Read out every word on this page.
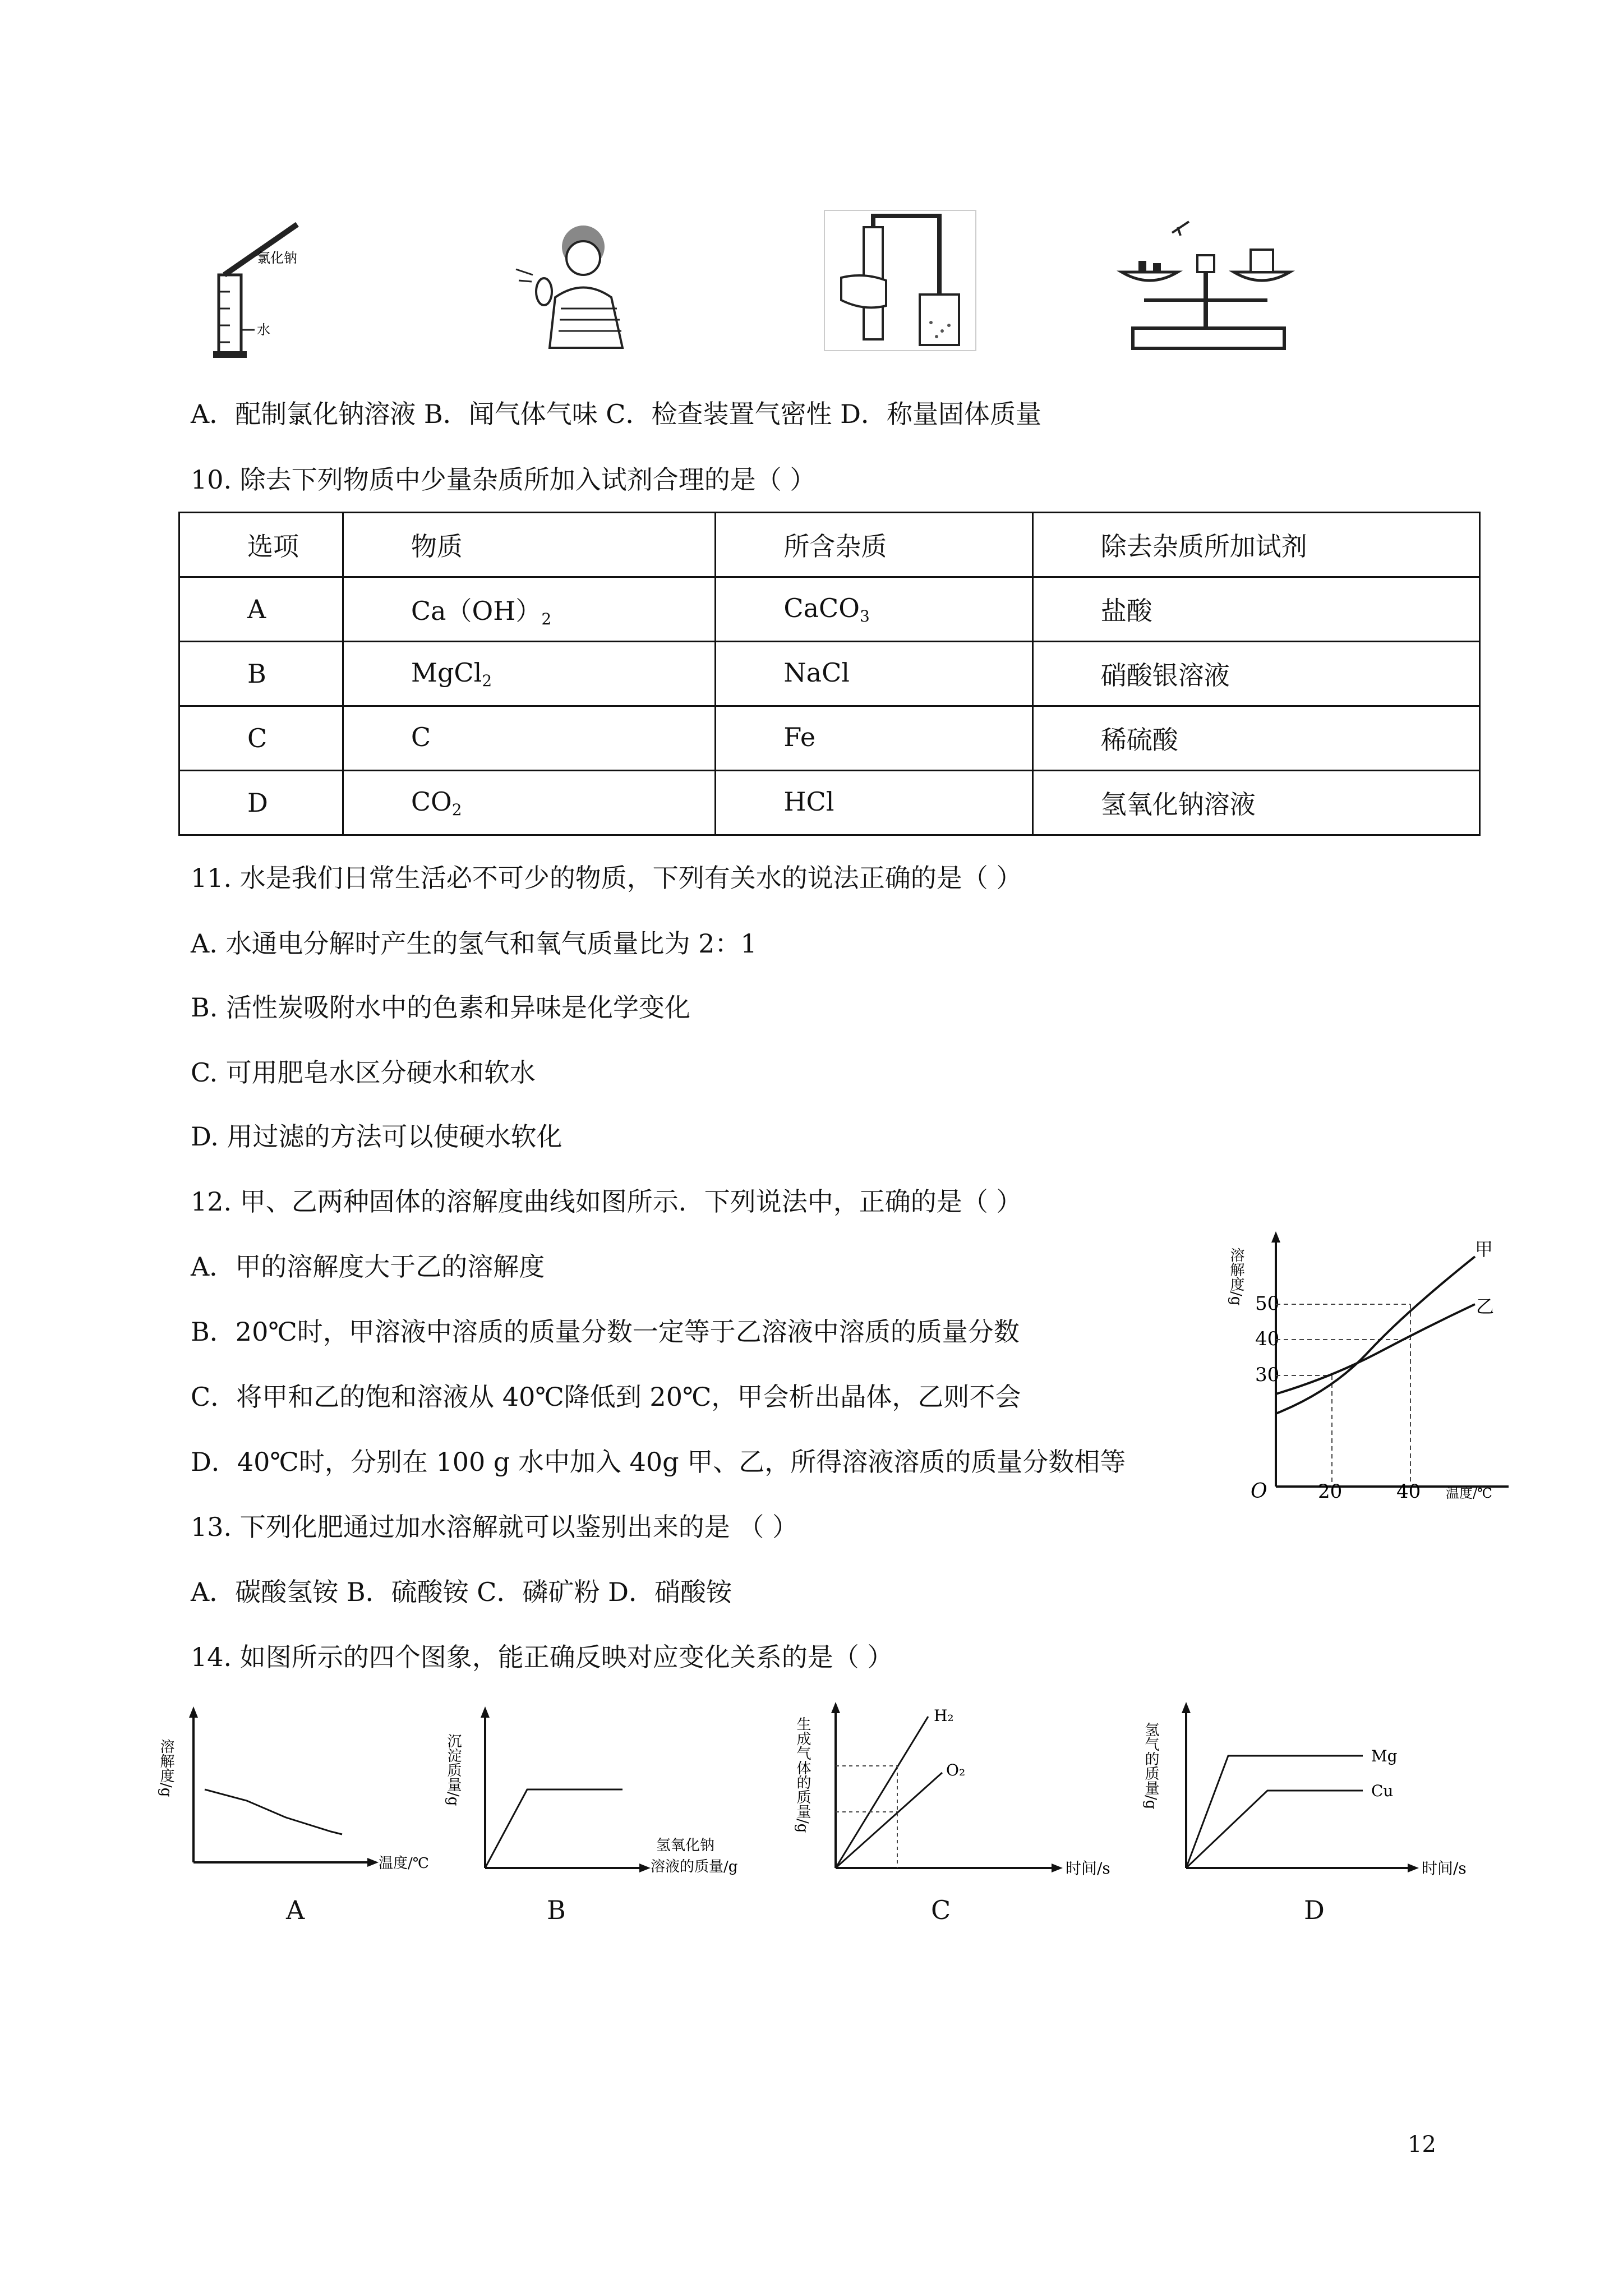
氯化钠
水
A．配制氯化钠溶液 B．闻气体气味 C．检查装置气密性 D．称量固体质量
10. 除去下列物质中少量杂质所加入试剂合理的是（ ）
选项	物质	所含杂质	除去杂质所加试剂
A	$Ca(OH)_2$	CaCO$_3$	盐酸
B	MgCl$_2$	NaCl	硝酸银溶液
C	C	Fe	稀硫酸
D	$CO_2$	HCl	氢氧化钠溶液
11. 水是我们日常生活必不可少的物质，下列有关水的说法正确的是（ ）
A. 水通电分解时产生的氢气和氧气质量比为 2：1
B. 活性炭吸附水中的色素和异味是化学变化
C. 可用肥皂水区分硬水和软水
D. 用过滤的方法可以使硬水软化
12. 甲、乙两种固体的溶解度曲线如图所示．下列说法中，正确的是（ ）
A．甲的溶解度大于乙的溶解度
B．20℃时，甲溶液中溶质的质量分数一定等于乙溶液中溶质的质量分数
C．将甲和乙的饱和溶液从 40℃降低到 20℃，甲会析出晶体，乙则不会
D．40℃时，分别在 100 g 水中加入 40g 甲、乙，所得溶液溶质的质量分数相等
溶解度/g 50
40
30
O	20	40 温度/℃
甲
乙
13. 下列化肥通过加水溶解就可以鉴别出来的是 （ ）
A．碳酸氢铵 B．硫酸铵 C．磷矿粉 D．硝酸铵
14. 如图所示的四个图象，能正确反映对应变化关系的是（ ）
溶解度/g
温度/℃
A
沉淀质量/g
氢氧化钠
溶液的质量/g
B
生成气体的质量/g
时间/s
H₂
O₂
C
氢气的质量/g
时间/s
Mg
Cu
D
12
